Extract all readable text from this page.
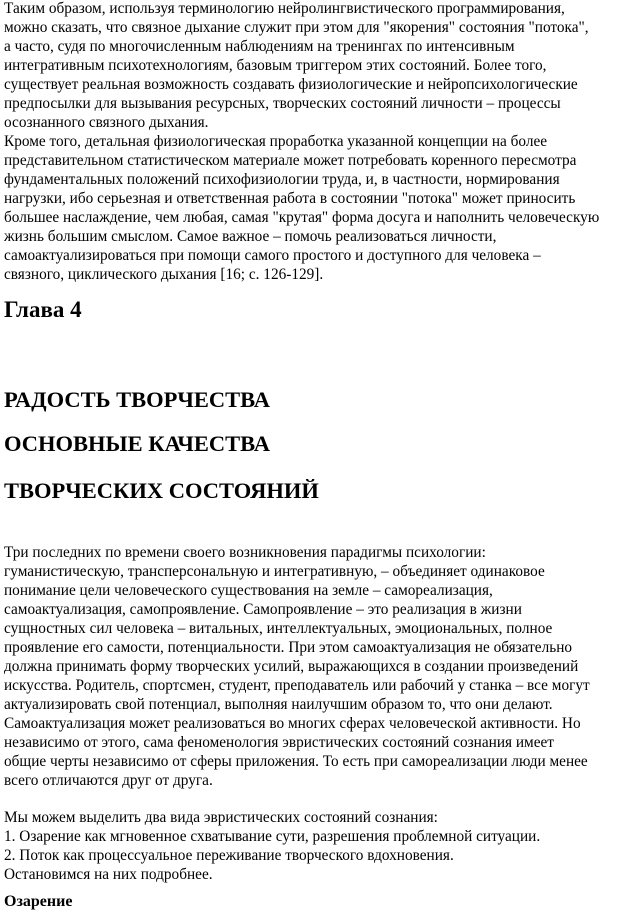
Таким образом, используя терминологию нейролингвистического программирования,
можно сказать, что связное дыхание служит при этом для "якорения" состояния "потока",
а часто, судя по многочисленным наблюдениям на тренингах по интенсивным
интегративным психотехнологиям, базовым триггером этих состояний. Более того,
существует реальная возможность создавать физиологические и нейропсихологические
предпосылки для вызывания ресурсных, творческих состояний личности – процессы
осознанного связного дыхания.
Кроме того, детальная физиологическая проработка указанной концепции на более
представительном статистическом материале может потребовать коренного пересмотра
фундаментальных положений психофизиологии труда, и, в частности, нормирования
нагрузки, ибо серьезная и ответственная работа в состоянии "потока" может приносить
большее наслаждение, чем любая, самая "крутая" форма досуга и наполнить человеческую
жизнь большим смыслом. Самое важное – помочь реализоваться личности,
самоактуализироваться при помощи самого простого и доступного для человека –
связного, циклического дыхания [16; с. 126-129].
Глава 4
РАДОСТЬ ТВОРЧЕСТВА
ОСНОВНЫЕ КАЧЕСТВА
ТВОРЧЕСКИХ СОСТОЯНИЙ
Три последних по времени своего возникновения парадигмы психологии:
гуманистическую, трансперсональную и интегративную, – объединяет одинаковое
понимание цели человеческого существования на земле – самореализация,
самоактуализация, самопроявление. Самопроявление – это реализация в жизни
сущностных сил человека – витальных, интеллектуальных, эмоциональных, полное
проявление его самости, потенциальности. При этом самоактуализация не обязательно
должна принимать форму творческих усилий, выражающихся в создании произведений
искусства. Родитель, спортсмен, студент, преподаватель или рабочий у станка – все могут
актуализировать свой потенциал, выполняя наилучшим образом то, что они делают.
Самоактуализация может реализоваться во многих сферах человеческой активности. Но
независимо от этого, сама феноменология эвристических состояний сознания имеет
общие черты независимо от сферы приложения. То есть при самореализации люди менее
всего отличаются друг от друга.
Мы можем выделить два вида эвристических состояний сознания:
1. Озарение как мгновенное схватывание сути, разрешения проблемной ситуации.
2. Поток как процессуальное переживание творческого вдохновения.
Остановимся на них подробнее.
Озарение
